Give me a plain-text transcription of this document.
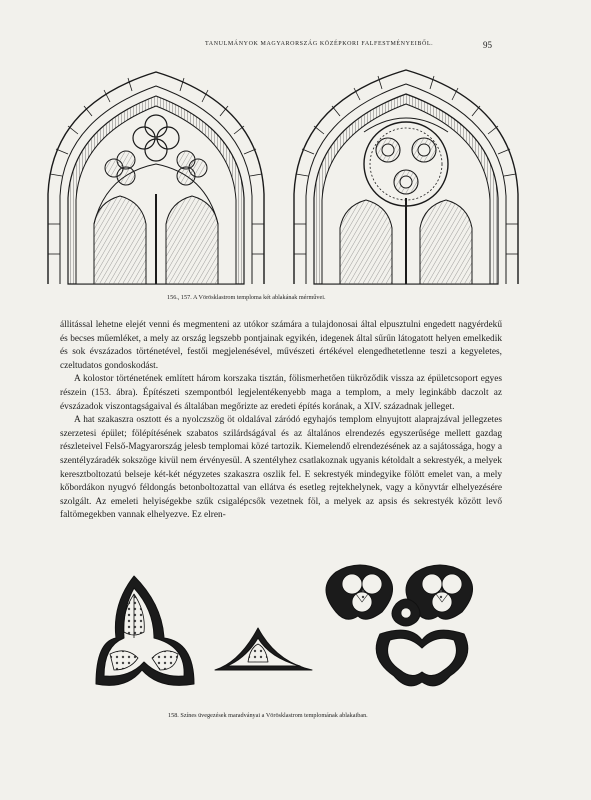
TANULMÁNYOK MAGYARORSZÁG KÖZÉPKORI FALFESTMÉNYEIBŐL.	95
156., 157. A Vörösklastrom temploma két ablakának mérművei.

állitással lehetne elejét venni és megmenteni az utókor számára a tulajdonosai által elpusztulni engedett nagyérdekű és becses műemléket, a mely az ország legszebb pontjainak egyikén, idegenek által sűrűn látogatott helyen emelkedik és sok évszázados történetével, festői megjelenésével, művészeti értékével elengedhetetlenne teszi a kegyeletes, czeltudatos gondoskodást.

A kolostor történetének említett három korszaka tisztán, fölismerhetően tükröződik vissza az épületcsoport egyes részein (153. ábra). Építészeti szempontból legjelentékenyebb maga a templom, a mely leginkább daczolt az évszázadok viszontagságaival és általában megőrizte az eredeti építés korának, a XIV. századnak jelleget.

A hat szakaszra osztott és a nyolczszög öt oldalával záródó egyhajós templom elnyujtott alaprajzával jellegzetes szerzetesi épület; fölépítésének szabatos szilárdságával és az általános elrendezés egyszerűsége mellett gazdag részleteivel Felső-Magyarország jelesb templomai közé tartozik. Kiemelendő elrendezésének az a sajátossága, hogy a szentélyzáradék sokszöge kivül nem érvényesül. A szentélyhez csatlakoznak ugyanis kétoldalt a sekrestyék, a melyek keresztboltozatú belseje két-két négyzetes szakaszra oszlik fel. E sekrestyék mindegyike fölött emelet van, a mely kőbordákon nyugvó féldongás betonboltozattal van ellátva és esetleg rejtekhelynek, vagy a könyvtár elhelyezésére szolgált. Az emeleti helyiségekbe szűk csigalépcsők vezetnek föl, a melyek az apsis és sekrestyék között levő faltömegekben vannak elhelyezve. Ez elren-

158. Színes üvegezések maradványai a Vörösklastrom templomának ablakaiban.
